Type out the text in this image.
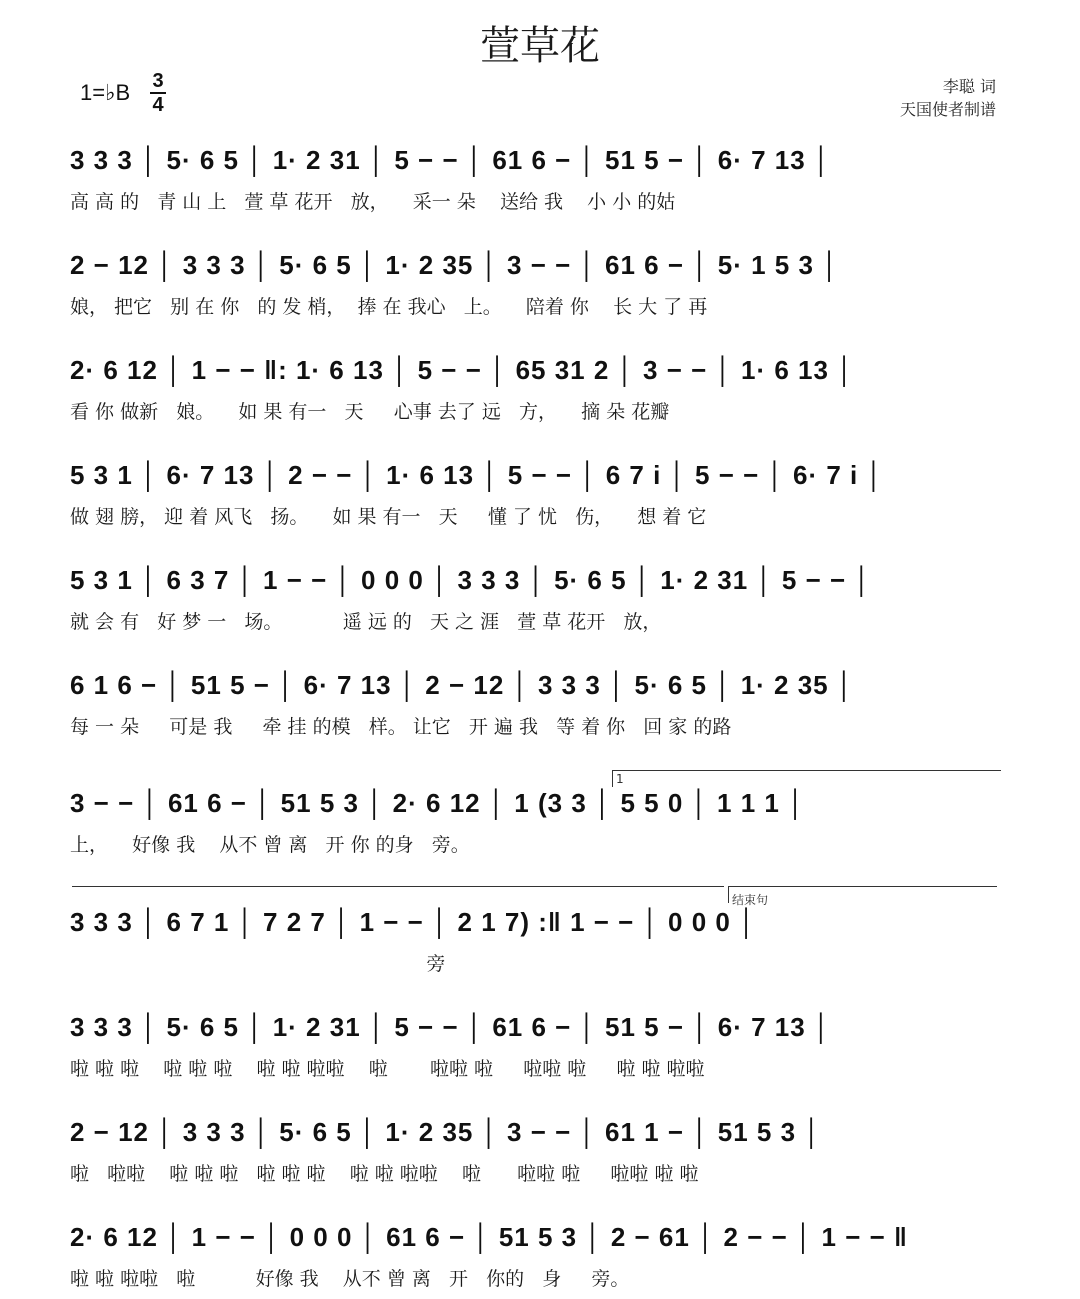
萱草花
1=♭B 3
4
李聪 词
天国使者制谱
3 3 3 │ 5· 6 5 │ 1· 2 31 │ 5 − − │ 61 6 − │ 51 5 − │ 6· 7 13 │
高 高 的   青 山 上   萱 草 花开   放，    采一 朵    送给 我    小 小 的姑
2 − 12 │ 3 3 3 │ 5· 6 5 │ 1· 2 35 │ 3 − − │ 61 6 − │ 5· 1 5 3 │
娘， 把它   别 在 你   的 发 梢，  捧 在 我心   上。    陪着 你    长 大 了 再
2· 6 12 │ 1 − − ‖: 1· 6 13 │ 5 − − │ 65 31 2 │ 3 − − │ 1· 6 13 │
看 你 做新   娘。    如 果 有一   天     心事 去了 远   方，    摘 朵 花瓣
5 3 1 │ 6· 7 13 │ 2 − − │ 1· 6 13 │ 5 − − │ 6 7 i │ 5 − − │ 6· 7 i │
做 翅 膀， 迎 着 风飞   扬。    如 果 有一   天     懂 了 忧   伤，    想 着 它
5 3 1 │ 6 3 7 │ 1 − − │ 0 0 0 │ 3 3 3 │ 5· 6 5 │ 1· 2 31 │ 5 − − │
就 会 有   好 梦 一   场。          遥 远 的   天 之 涯   萱 草 花开   放，
6 1 6 − │ 51 5 − │ 6· 7 13 │ 2 − 12 │ 3 3 3 │ 5· 6 5 │ 1· 2 35 │
每 一 朵     可是 我     牵 挂 的模   样。 让它   开 遍 我   等 着 你   回 家 的路
1
3 − − │ 61 6 − │ 51 5 3 │ 2· 6 12 │ 1 (3 3 │ 5 5 0 │ 1 1 1 │
上，    好像 我    从不 曾 离   开 你 的身   旁。
结束句
3 3 3 │ 6 7 1 │ 7 2 7 │ 1 − − │ 2 1 7) :‖ 1 − − │ 0 0 0 │
旁
3 3 3 │ 5· 6 5 │ 1· 2 31 │ 5 − − │ 61 6 − │ 51 5 − │ 6· 7 13 │
啦 啦 啦    啦 啦 啦    啦 啦 啦啦    啦       啦啦 啦     啦啦 啦     啦 啦 啦啦
2 − 12 │ 3 3 3 │ 5· 6 5 │ 1· 2 35 │ 3 − − │ 61 1 − │ 51 5 3 │
啦   啦啦    啦 啦 啦   啦 啦 啦    啦 啦 啦啦    啦      啦啦 啦     啦啦 啦 啦
2· 6 12 │ 1 − − │ 0 0 0 │ 61 6 − │ 51 5 3 │ 2 − 61 │ 2 − − │ 1 − − ‖
啦 啦 啦啦   啦          好像 我    从不 曾 离   开   你的   身     旁。
